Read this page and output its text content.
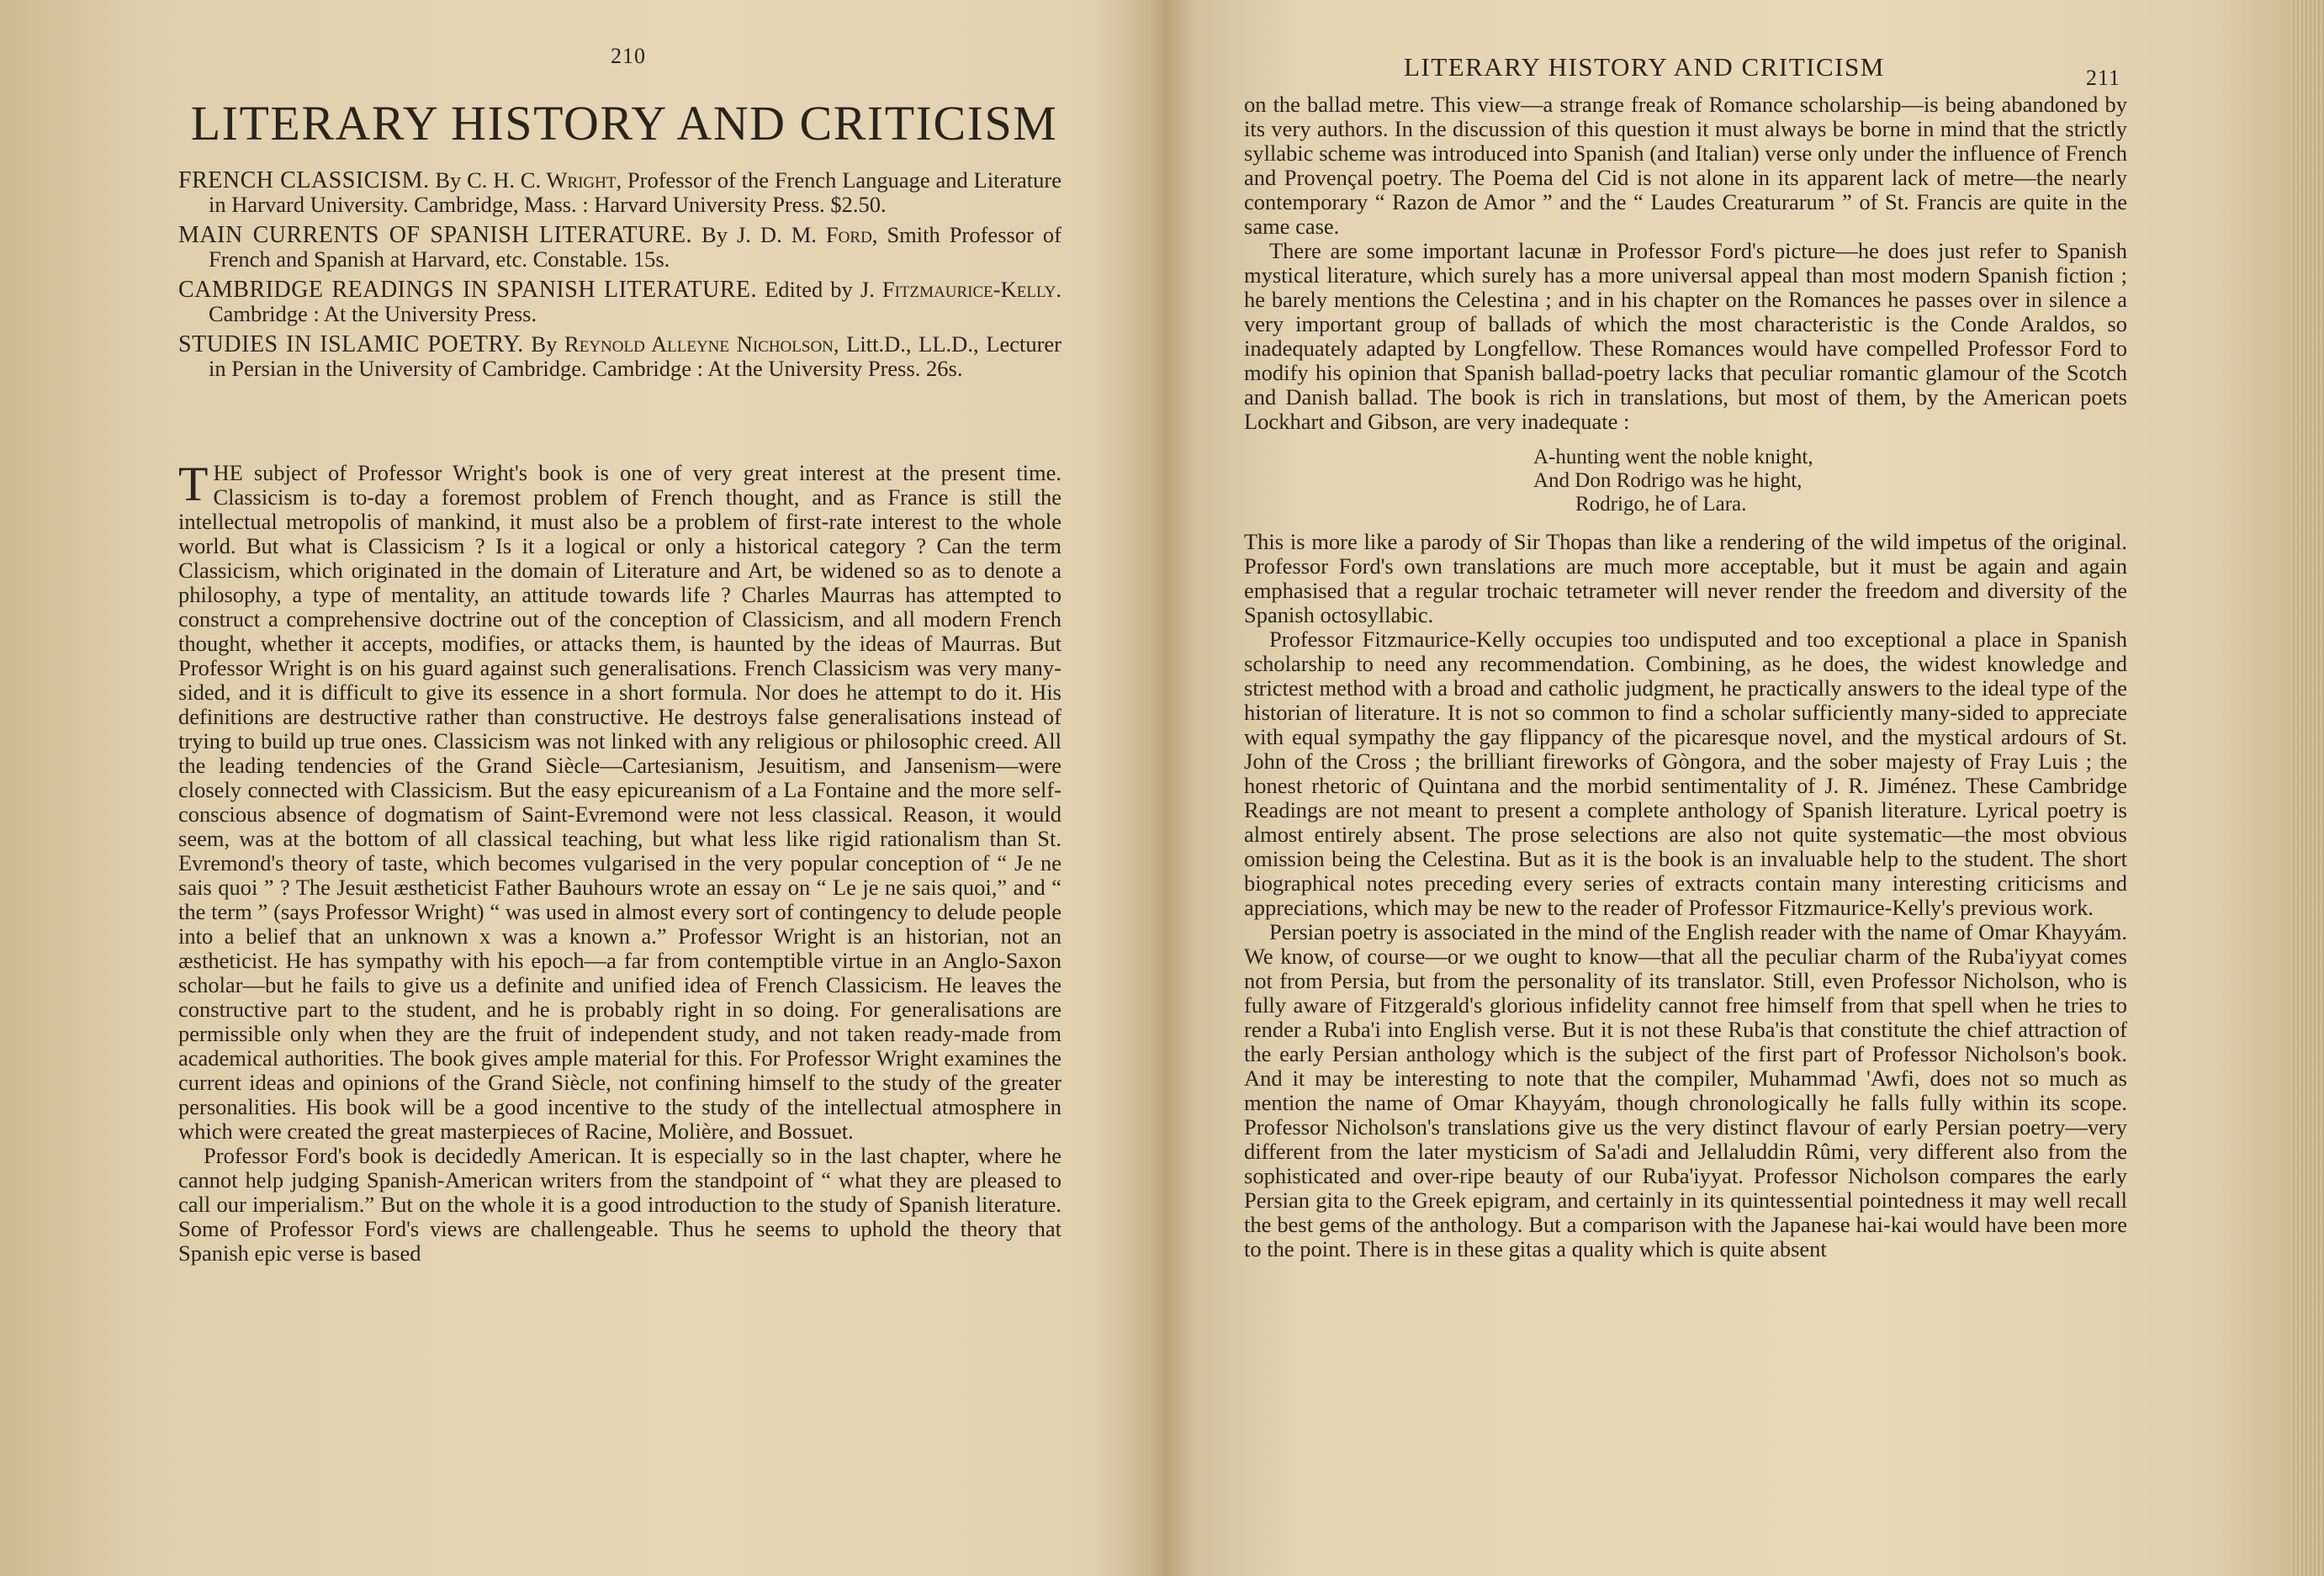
210
LITERARY HISTORY AND CRITICISM
FRENCH CLASSICISM. By C. H. C. Wright, Professor of the French Language and Literature in Harvard University. Cambridge, Mass. : Harvard University Press. $2.50.
MAIN CURRENTS OF SPANISH LITERATURE. By J. D. M. Ford, Smith Professor of French and Spanish at Harvard, etc. Constable. 15s.
CAMBRIDGE READINGS IN SPANISH LITERATURE. Edited by J. Fitzmaurice-Kelly. Cambridge : At the University Press.
STUDIES IN ISLAMIC POETRY. By Reynold Alleyne Nicholson, Litt.D., LL.D., Lecturer in Persian in the University of Cambridge. Cambridge : At the University Press. 26s.

THE subject of Professor Wright's book is one of very great interest at the present time. Classicism is to-day a foremost problem of French thought, and as France is still the intellectual metropolis of mankind, it must also be a problem of first-rate interest to the whole world. But what is Classicism ? Is it a logical or only a historical category ? Can the term Classicism, which originated in the domain of Literature and Art, be widened so as to denote a philosophy, a type of mentality, an attitude towards life ? Charles Maurras has attempted to construct a comprehensive doctrine out of the conception of Classicism, and all modern French thought, whether it accepts, modifies, or attacks them, is haunted by the ideas of Maurras. But Professor Wright is on his guard against such generalisations. French Classicism was very many-sided, and it is difficult to give its essence in a short formula. Nor does he attempt to do it. His definitions are destructive rather than constructive. He destroys false generalisations instead of trying to build up true ones. Classicism was not linked with any religious or philosophic creed. All the leading tendencies of the Grand Siècle—Cartesianism, Jesuitism, and Jansenism—were closely connected with Classicism. But the easy epicureanism of a La Fontaine and the more self-conscious absence of dogmatism of Saint-Evremond were not less classical. Reason, it would seem, was at the bottom of all classical teaching, but what less like rigid rationalism than St. Evremond's theory of taste, which becomes vulgarised in the very popular conception of “ Je ne sais quoi ” ? The Jesuit æstheticist Father Bauhours wrote an essay on “ Le je ne sais quoi,” and “ the term ” (says Professor Wright) “ was used in almost every sort of contingency to delude people into a belief that an unknown x was a known a.” Professor Wright is an historian, not an æstheticist. He has sympathy with his epoch—a far from contemptible virtue in an Anglo-Saxon scholar—but he fails to give us a definite and unified idea of French Classicism. He leaves the constructive part to the student, and he is probably right in so doing. For generalisations are permissible only when they are the fruit of independent study, and not taken ready-made from academical authorities. The book gives ample material for this. For Professor Wright examines the current ideas and opinions of the Grand Siècle, not confining himself to the study of the greater personalities. His book will be a good incentive to the study of the intellectual atmosphere in which were created the great masterpieces of Racine, Molière, and Bossuet.

Professor Ford's book is decidedly American. It is especially so in the last chapter, where he cannot help judging Spanish-American writers from the standpoint of “ what they are pleased to call our imperialism.” But on the whole it is a good introduction to the study of Spanish literature. Some of Professor Ford's views are challengeable. Thus he seems to uphold the theory that Spanish epic verse is based

LITERARY HISTORY AND CRITICISM	211

on the ballad metre. This view—a strange freak of Romance scholarship—is being abandoned by its very authors. In the discussion of this question it must always be borne in mind that the strictly syllabic scheme was introduced into Spanish (and Italian) verse only under the influence of French and Provençal poetry. The Poema del Cid is not alone in its apparent lack of metre—the nearly contemporary “ Razon de Amor ” and the “ Laudes Creaturarum ” of St. Francis are quite in the same case.

There are some important lacunæ in Professor Ford's picture—he does just refer to Spanish mystical literature, which surely has a more universal appeal than most modern Spanish fiction ; he barely mentions the Celestina ; and in his chapter on the Romances he passes over in silence a very important group of ballads of which the most characteristic is the Conde Araldos, so inadequately adapted by Longfellow. These Romances would have compelled Professor Ford to modify his opinion that Spanish ballad-poetry lacks that peculiar romantic glamour of the Scotch and Danish ballad. The book is rich in translations, but most of them, by the American poets Lockhart and Gibson, are very inadequate :

A-hunting went the noble knight,
And Don Rodrigo was he hight,
Rodrigo, he of Lara.

This is more like a parody of Sir Thopas than like a rendering of the wild impetus of the original. Professor Ford's own translations are much more acceptable, but it must be again and again emphasised that a regular trochaic tetrameter will never render the freedom and diversity of the Spanish octosyllabic.

Professor Fitzmaurice-Kelly occupies too undisputed and too exceptional a place in Spanish scholarship to need any recommendation. Combining, as he does, the widest knowledge and strictest method with a broad and catholic judgment, he practically answers to the ideal type of the historian of literature. It is not so common to find a scholar sufficiently many-sided to appreciate with equal sympathy the gay flippancy of the picaresque novel, and the mystical ardours of St. John of the Cross ; the brilliant fireworks of Gòngora, and the sober majesty of Fray Luis ; the honest rhetoric of Quintana and the morbid sentimentality of J. R. Jiménez. These Cambridge Readings are not meant to present a complete anthology of Spanish literature. Lyrical poetry is almost entirely absent. The prose selections are also not quite systematic—the most obvious omission being the Celestina. But as it is the book is an invaluable help to the student. The short biographical notes preceding every series of extracts contain many interesting criticisms and appreciations, which may be new to the reader of Professor Fitzmaurice-Kelly's previous work.

Persian poetry is associated in the mind of the English reader with the name of Omar Khayyám. We know, of course—or we ought to know—that all the peculiar charm of the Ruba'iyyat comes not from Persia, but from the personality of its translator. Still, even Professor Nicholson, who is fully aware of Fitzgerald's glorious infidelity cannot free himself from that spell when he tries to render a Ruba'i into English verse. But it is not these Ruba'is that constitute the chief attraction of the early Persian anthology which is the subject of the first part of Professor Nicholson's book. And it may be interesting to note that the compiler, Muhammad 'Awfi, does not so much as mention the name of Omar Khayyám, though chronologically he falls fully within its scope. Professor Nicholson's translations give us the very distinct flavour of early Persian poetry—very different from the later mysticism of Sa'adi and Jellaluddin Rûmi, very different also from the sophisticated and over-ripe beauty of our Ruba'iyyat. Professor Nicholson compares the early Persian gita to the Greek epigram, and certainly in its quintessential pointedness it may well recall the best gems of the anthology. But a comparison with the Japanese hai-kai would have been more to the point. There is in these gitas a quality which is quite absent
